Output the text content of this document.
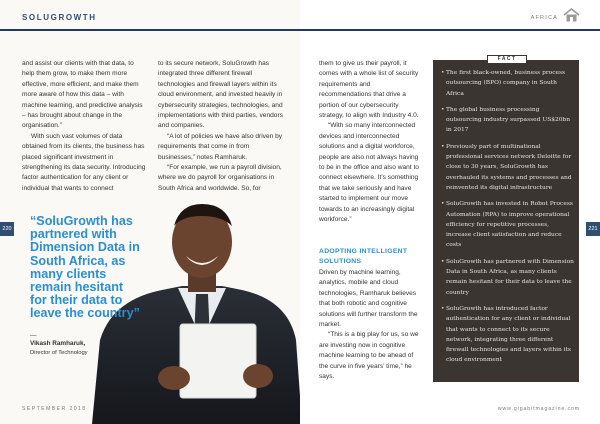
SOLUGROWTH

and assist our clients with that data, to help them grow, to make them more effective, more efficient, and make them more aware of how this data – with machine learning, and predictive analysis – has brought about change in the organisation.”

With such vast volumes of data obtained from its clients, the business has placed significant investment in strengthening its data security. Introducing factor authentication for any client or individual that wants to connect

to its secure network, SoluGrowth has integrated three different firewall technologies and firewall layers within its cloud environment, and invested heavily in cybersecurity strategies, technologies, and implementations with third parties, vendors and companies.

“A lot of policies we have also driven by requirements that come in from businesses,” notes Ramharuk.

“For example, we run a payroll division, where we do payroll for organisations in South Africa and worldwide. So, for

“SoluGrowth has partnered with Dimension Data in South Africa, as many clients remain hesitant for their data to leave the country”
—
Vikash Ramharuk,
Director of Technology
220
SEPTEMBER 2018
AFRICA
221
www.gigabitmagazine.com

them to give us their payroll, it comes with a whole list of security requirements and recommendations that drive a portion of our cybersecurity strategy, to align with Industry 4.0.

“With so many interconnected devices and interconnected solutions and a digital workforce, people are also not always having to be in the office and also want to connect elsewhere. It’s something that we take seriously and have started to implement our move towards to an increasingly digital workforce.”

ADOPTING INTELLIGENT SOLUTIONS

Driven by machine learning, analytics, mobile and cloud technologies, Ramharuk believes that both robotic and cognitive solutions will further transform the market.

“This is a big play for us, so we are investing now in cognitive machine learning to be ahead of the curve in five years’ time,” he says.

FACT
• The first black-owned, business process outsourcing (BPO) company in South Africa
• The global business processing outsourcing industry surpassed US$20bn in 2017
• Previously part of multinational professional services network Deloitte for close to 30 years, SoluGrowth has overhauled its systems and processes and reinvented its digital infrastructure
• SoluGrowth has invested in Robot Process Automation (RPA) to improve operational efficiency for repetitive processes, increase client satisfaction and reduce costs
• SoluGrowth has partnered with Dimension Data in South Africa, as many clients remain hesitant for their data to leave the country
• SoluGrowth has introduced factor authentication for any client or individual that wants to connect to its secure network, integrating three different firewall technologies and layers within its cloud environment
